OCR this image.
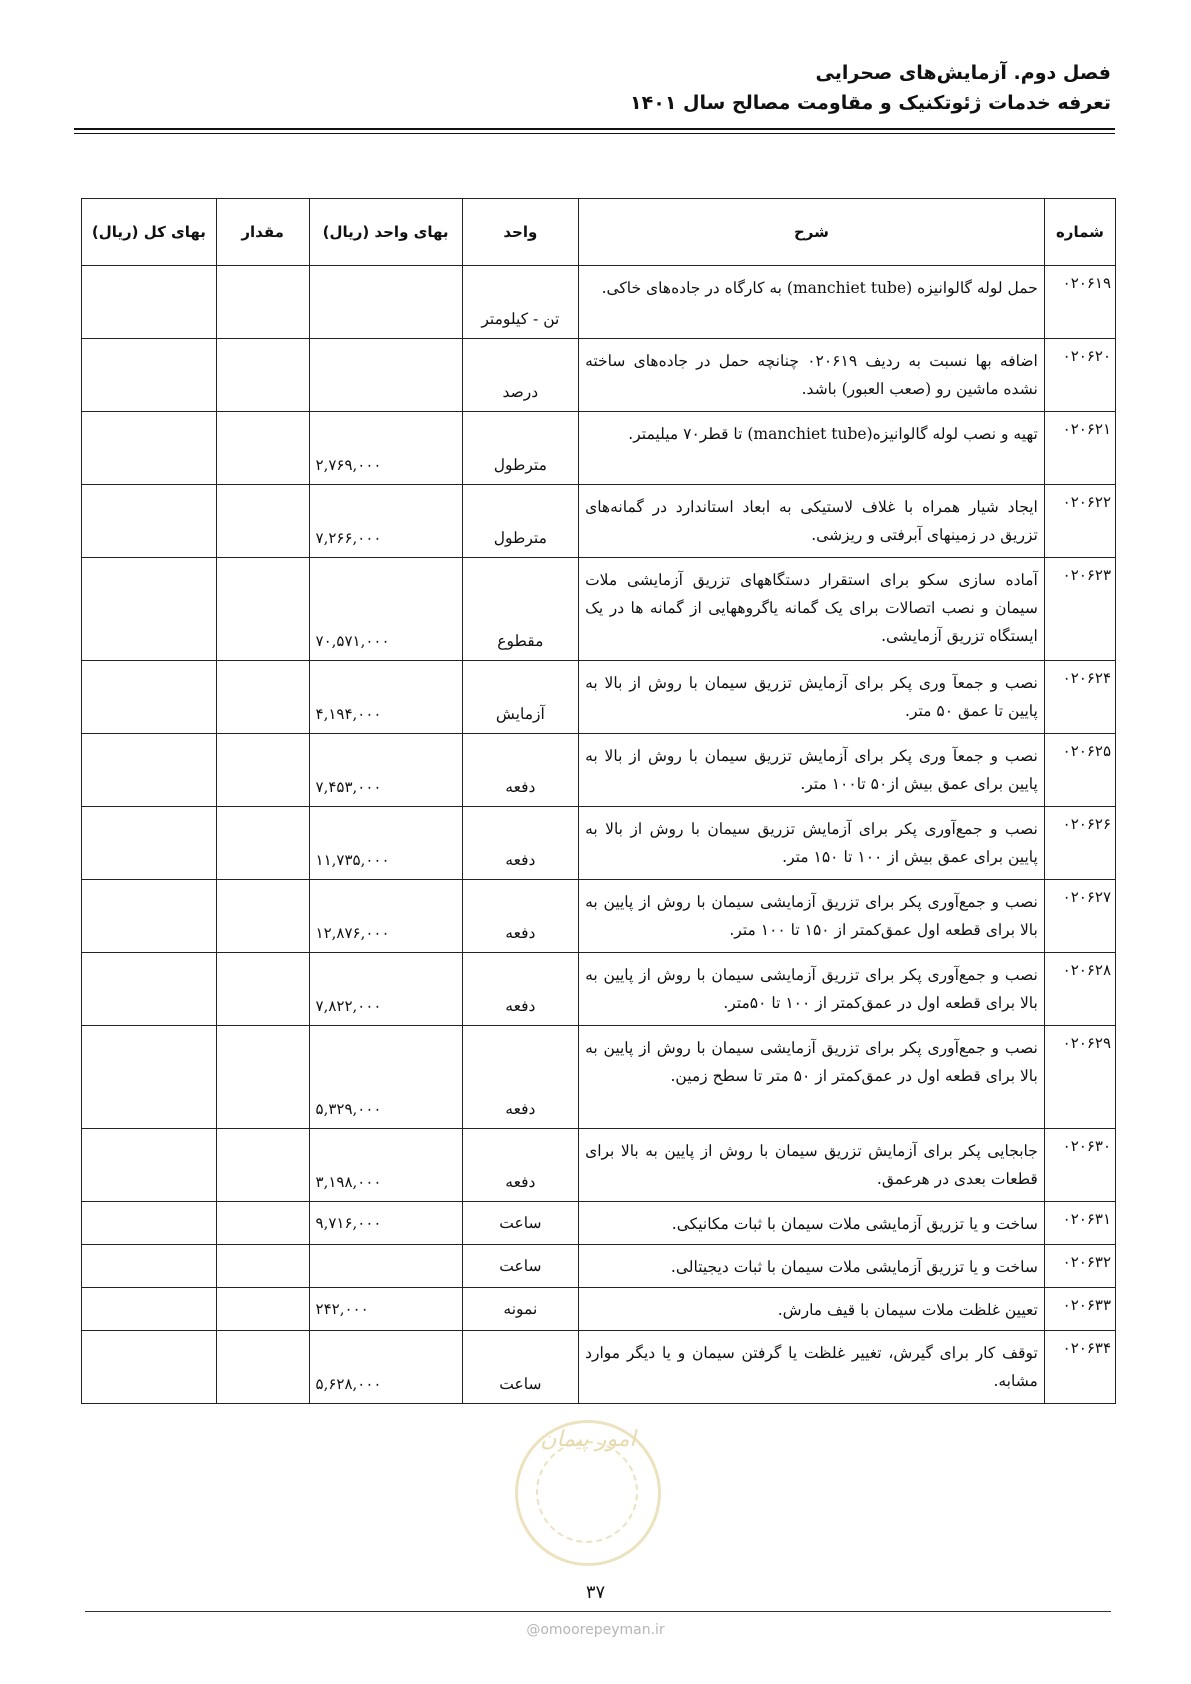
فصل دوم. آزمایش‌های صحرایی
تعرفه خدمات ژئوتکنیک و مقاومت مصالح سال ۱۴۰۱
شماره	شرح	واحد	بهای واحد (ریال)	مقدار	بهای کل (ریال)
۰۲۰۶۱۹	حمل لوله گالوانیزه (manchiet tube) به کارگاه در جاده‌های خاکی.	تن - کیلومتر			
۰۲۰۶۲۰	اضافه بها نسبت به ردیف ۰۲۰۶۱۹ چنانچه حمل در جاده‌های ساخته نشده ماشین رو (صعب العبور) باشد.	درصد			
۰۲۰۶۲۱	تهیه و نصب لوله گالوانیزه(manchiet tube) تا قطر۷۰ میلیمتر.	مترطول	۲,۷۶۹,۰۰۰		
۰۲۰۶۲۲	ایجاد شیار همراه با غلاف لاستیکی به ابعاد استاندارد در گمانه‌های تزریق در زمینهای آبرفتی و ریزشی.	مترطول	۷,۲۶۶,۰۰۰		
۰۲۰۶۲۳	آماده سازی سکو برای استقرار دستگاههای تزریق آزمایشی ملات سیمان و نصب اتصالات برای یک گمانه یاگروههایی از گمانه ها در یک ایستگاه تزریق آزمایشی.	مقطوع	۷۰,۵۷۱,۰۰۰		
۰۲۰۶۲۴	نصب و جمعآ وری پکر برای آزمایش تزریق سیمان با روش از بالا به پایین تا عمق ۵۰ متر.	آزمایش	۴,۱۹۴,۰۰۰		
۰۲۰۶۲۵	نصب و جمعآ وری پکر برای آزمایش تزریق سیمان با روش از بالا به پایین برای عمق بیش از۵۰ تا۱۰۰ متر.	دفعه	۷,۴۵۳,۰۰۰		
۰۲۰۶۲۶	نصب و جمع‌آوری پکر برای آزمایش تزریق سیمان با روش از بالا به پایین برای عمق بیش از ۱۰۰ تا ۱۵۰ متر.	دفعه	۱۱,۷۳۵,۰۰۰		
۰۲۰۶۲۷	نصب و جمع‌آوری پکر برای تزریق آزمایشی سیمان با روش از پایین به بالا برای قطعه اول عمق‌کمتر از ۱۵۰ تا ۱۰۰ متر.	دفعه	۱۲,۸۷۶,۰۰۰		
۰۲۰۶۲۸	نصب و جمع‌آوری پکر برای تزریق آزمایشی سیمان با روش از پایین به بالا برای قطعه اول در عمق‌کمتر از ۱۰۰ تا ۵۰متر.	دفعه	۷,۸۲۲,۰۰۰		
۰۲۰۶۲۹	نصب و جمع‌آوری پکر برای تزریق آزمایشی سیمان با روش از پایین به بالا برای قطعه اول در عمق‌کمتر از ۵۰ متر تا سطح زمین.	دفعه	۵,۳۲۹,۰۰۰		
۰۲۰۶۳۰	جابجایی پکر برای آزمایش تزریق سیمان با روش از پایین به بالا برای قطعات بعدی در هرعمق.	دفعه	۳,۱۹۸,۰۰۰		
۰۲۰۶۳۱	ساخت و یا تزریق آزمایشی ملات سیمان با ثبات مکانیکی.	ساعت	۹,۷۱۶,۰۰۰		
۰۲۰۶۳۲	ساخت و یا تزریق آزمایشی ملات سیمان با ثبات دیجیتالی.	ساعت			
۰۲۰۶۳۳	تعیین غلظت ملات سیمان با قیف مارش.	نمونه	۲۴۲,۰۰۰		
۰۲۰۶۳۴	توقف کار برای گیرش، تغییر غلظت یا گرفتن سیمان و یا دیگر موارد مشابه.	ساعت	۵,۶۲۸,۰۰۰		
امور پیمان
۳۷
@omoorepeyman.ir
